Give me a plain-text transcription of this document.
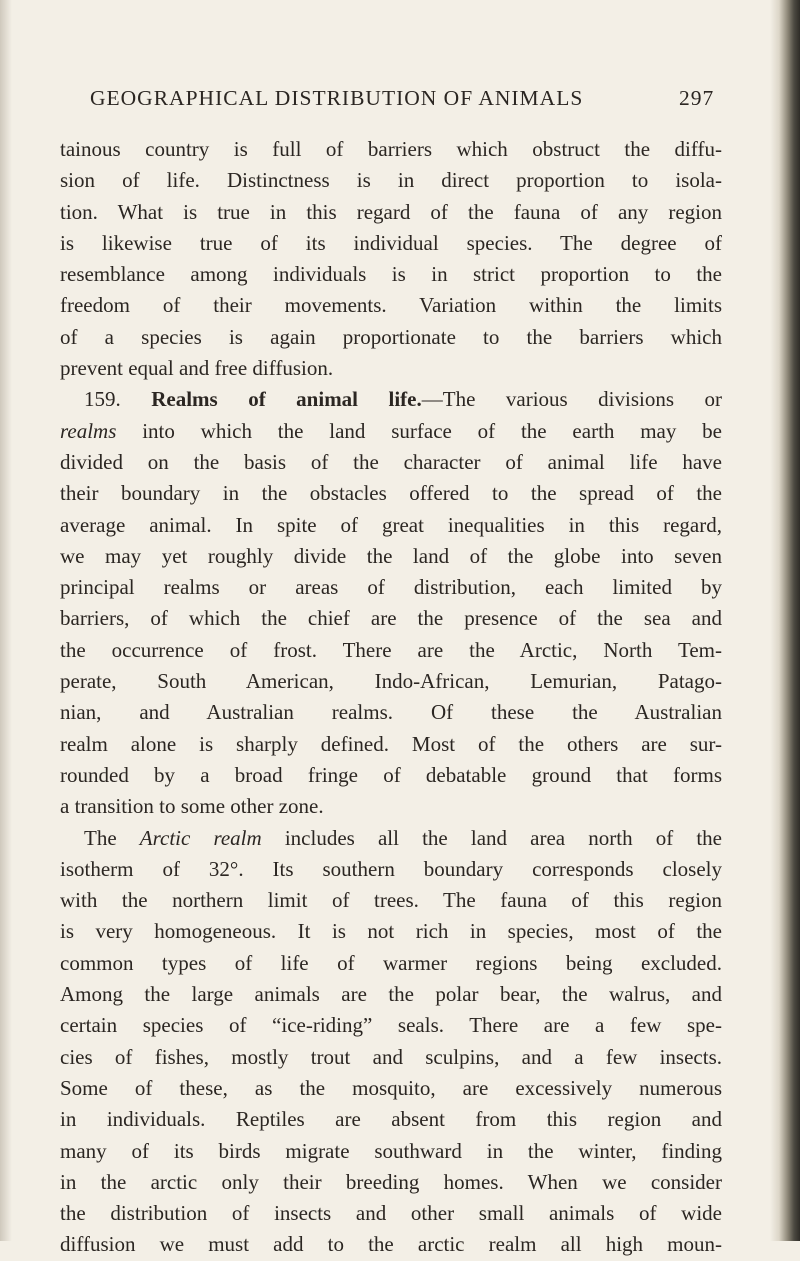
GEOGRAPHICAL DISTRIBUTION OF ANIMALS	297
tainous country is full of barriers which obstruct the diffu-
sion of life. Distinctness is in direct proportion to isola-
tion. What is true in this regard of the fauna of any region
is likewise true of its individual species. The degree of
resemblance among individuals is in strict proportion to the
freedom of their movements. Variation within the limits
of a species is again proportionate to the barriers which
prevent equal and free diffusion.
159. Realms of animal life.—The various divisions or
realms into which the land surface of the earth may be
divided on the basis of the character of animal life have
their boundary in the obstacles offered to the spread of the
average animal. In spite of great inequalities in this regard,
we may yet roughly divide the land of the globe into seven
principal realms or areas of distribution, each limited by
barriers, of which the chief are the presence of the sea and
the occurrence of frost. There are the Arctic, North Tem-
perate, South American, Indo-African, Lemurian, Patago-
nian, and Australian realms. Of these the Australian
realm alone is sharply defined. Most of the others are sur-
rounded by a broad fringe of debatable ground that forms
a transition to some other zone.
The Arctic realm includes all the land area north of the
isotherm of 32°. Its southern boundary corresponds closely
with the northern limit of trees. The fauna of this region
is very homogeneous. It is not rich in species, most of the
common types of life of warmer regions being excluded.
Among the large animals are the polar bear, the walrus, and
certain species of “ice-riding” seals. There are a few spe-
cies of fishes, mostly trout and sculpins, and a few insects.
Some of these, as the mosquito, are excessively numerous
in individuals. Reptiles are absent from this region and
many of its birds migrate southward in the winter, finding
in the arctic only their breeding homes. When we consider
the distribution of insects and other small animals of wide
diffusion we must add to the arctic realm all high moun-
